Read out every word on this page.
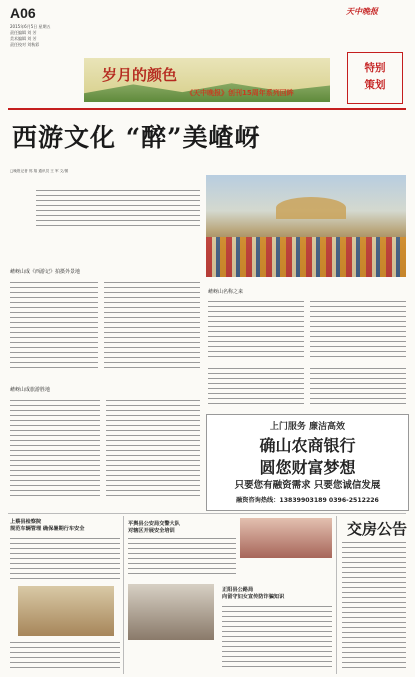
A06
2015年6月5日 星期五
责任编辑 刘 芳
美术编辑 刘 芳
责任校对 刘秋彩
岁月的颜色
《天中晚报》创刊15周年系列回眸
天中晚报
特别
策划
西游文化 “醉”美嵖岈
□晚报记者 郭 翔 通讯员 王 军 文/图
嵖岈山成《西游记》拍摄外景地
嵖岈山名称之来
嵖岈山成旅游胜地
上门服务 廉洁高效
确山农商银行
圆您财富梦想
只要您有融资需求 只要您诚信发展
融资咨询热线：13839903189 0396-2512226
上蔡县检察院
规范车辆管理 确保暑期行车安全
平舆县公安局交警大队
对辖区开展安全培训
正阳县公路局
向留守妇女宣传防诈骗知识
交房公告
